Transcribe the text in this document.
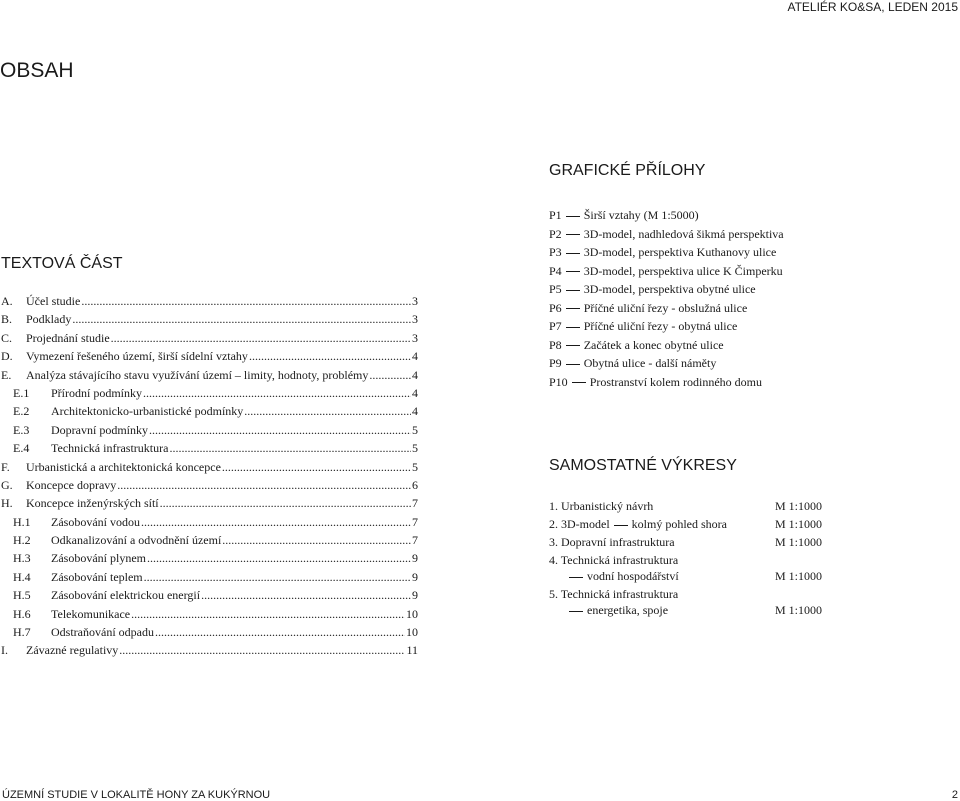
ATELIÉR KO&SA, LEDEN 2015
OBSAH
TEXTOVÁ ČÁST
A. Účel studie .....	3
B. Podklady .....	3
C. Projednání studie .....	3
D. Vymezení řešeného území, širší sídelní vztahy .....	4
E. Analýza stávajícího stavu využívání území – limity, hodnoty, problémy .....	4
E.1 Přírodní podmínky .....	4
E.2 Architektonicko-urbanistické podmínky .....	4
E.3 Dopravní podmínky .....	5
E.4 Technická infrastruktura .....	5
F. Urbanistická a architektonická koncepce .....	5
G. Koncepce dopravy .....	6
H. Koncepce inženýrských sítí .....	7
H.1 Zásobování vodou .....	7
H.2 Odkanalizování a odvodnění území .....	7
H.3 Zásobování plynem .....	9
H.4 Zásobování teplem .....	9
H.5 Zásobování elektrickou energií .....	9
H.6 Telekomunikace .....	10
H.7 Odstraňování odpadu .....	10
I. Závazné regulativy .....	11
GRAFICKÉ PŘÍLOHY
P1 Širší vztahy (M 1:5000)
P2 3D-model, nadhledová šikmá perspektiva
P3 3D-model, perspektiva Kuthanovy ulice
P4 3D-model, perspektiva ulice K Čimperku
P5 3D-model, perspektiva obytné ulice
P6 Příčné uliční řezy - obslužná ulice
P7 Příčné uliční řezy - obytná ulice
P8 Začátek a konec obytné ulice
P9 Obytná ulice - další náměty
P10 Prostranství kolem rodinného domu
SAMOSTATNÉ VÝKRESY
1. Urbanistický návrh	M 1:1000
2. 3D-model kolmý pohled shora	M 1:1000
3. Dopravní infrastruktura	M 1:1000
4. Technická infrastruktura
vodní hospodářství	M 1:1000
5. Technická infrastruktura
energetika, spoje	M 1:1000
ÚZEMNÍ STUDIE V LOKALITĚ HONY ZA KUKÝRNOU	2
